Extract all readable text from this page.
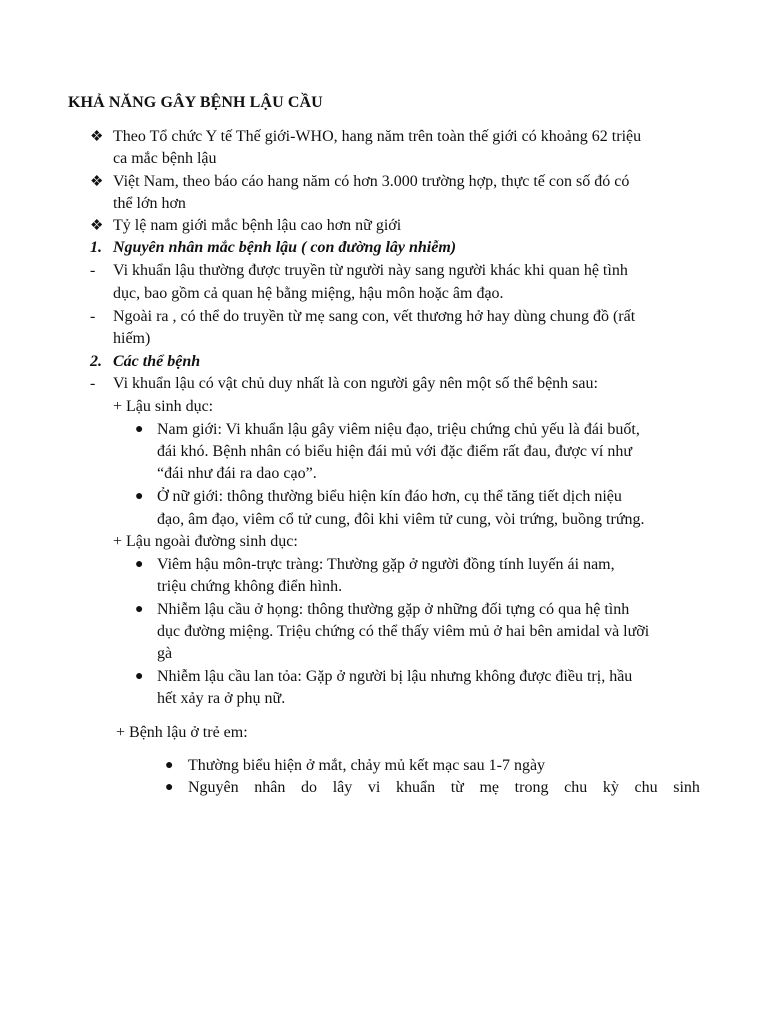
KHẢ NĂNG GÂY BỆNH LẬU CẦU
❖ Theo Tổ chức Y tế Thế giới-WHO, hang năm trên toàn thế giới có khoảng 62 triệu
ca mắc bệnh lậu
❖ Việt Nam, theo báo cáo hang năm có hơn 3.000 trường hợp, thực tế con số đó có
thể lớn hơn
❖ Tỷ lệ nam giới mắc bệnh lậu cao hơn nữ giới
1. Nguyên nhân mắc bệnh lậu ( con đường lây nhiễm)
- Vi khuẩn lậu thường được truyền từ người này sang người khác khi quan hệ tình
dục, bao gồm cả quan hệ bằng miệng, hậu môn hoặc âm đạo.
- Ngoài ra , có thể do truyền từ mẹ sang con, vết thương hở hay dùng chung đồ (rất
hiếm)
2. Các thể bệnh
- Vi khuẩn lậu có vật chủ duy nhất là con người gây nên một số thể bệnh sau:
+ Lậu sinh dục:
● Nam giới: Vi khuẩn lậu gây viêm niệu đạo, triệu chứng chủ yếu là đái buốt,
đái khó. Bệnh nhân có biểu hiện đái mủ với đặc điểm rất đau, được ví như
“đái như đái ra dao cạo”.
● Ở nữ giới: thông thường biểu hiện kín đáo hơn, cụ thể tăng tiết dịch niệu
đạo, âm đạo, viêm cổ tử cung, đôi khi viêm tử cung, vòi trứng, buồng trứng.
+ Lậu ngoài đường sinh dục:
● Viêm hậu môn-trực tràng: Thường gặp ở người đồng tính luyến ái nam,
triệu chứng không điển hình.
● Nhiễm lậu cầu ở họng: thông thường gặp ở những đối tựng có qua hệ tình
dục đường miệng. Triệu chứng có thể thấy viêm mủ ở hai bên amidal và lưỡi
gà
● Nhiễm lậu cầu lan tỏa: Gặp ở người bị lậu nhưng không được điều trị, hầu
hết xảy ra ở phụ nữ.
+ Bệnh lậu ở trẻ em:
● Thường biểu hiện ở mắt, chảy mủ kết mạc sau 1-7 ngày
● Nguyên nhân do lây vi khuẩn từ mẹ trong chu kỳ chu sinh
